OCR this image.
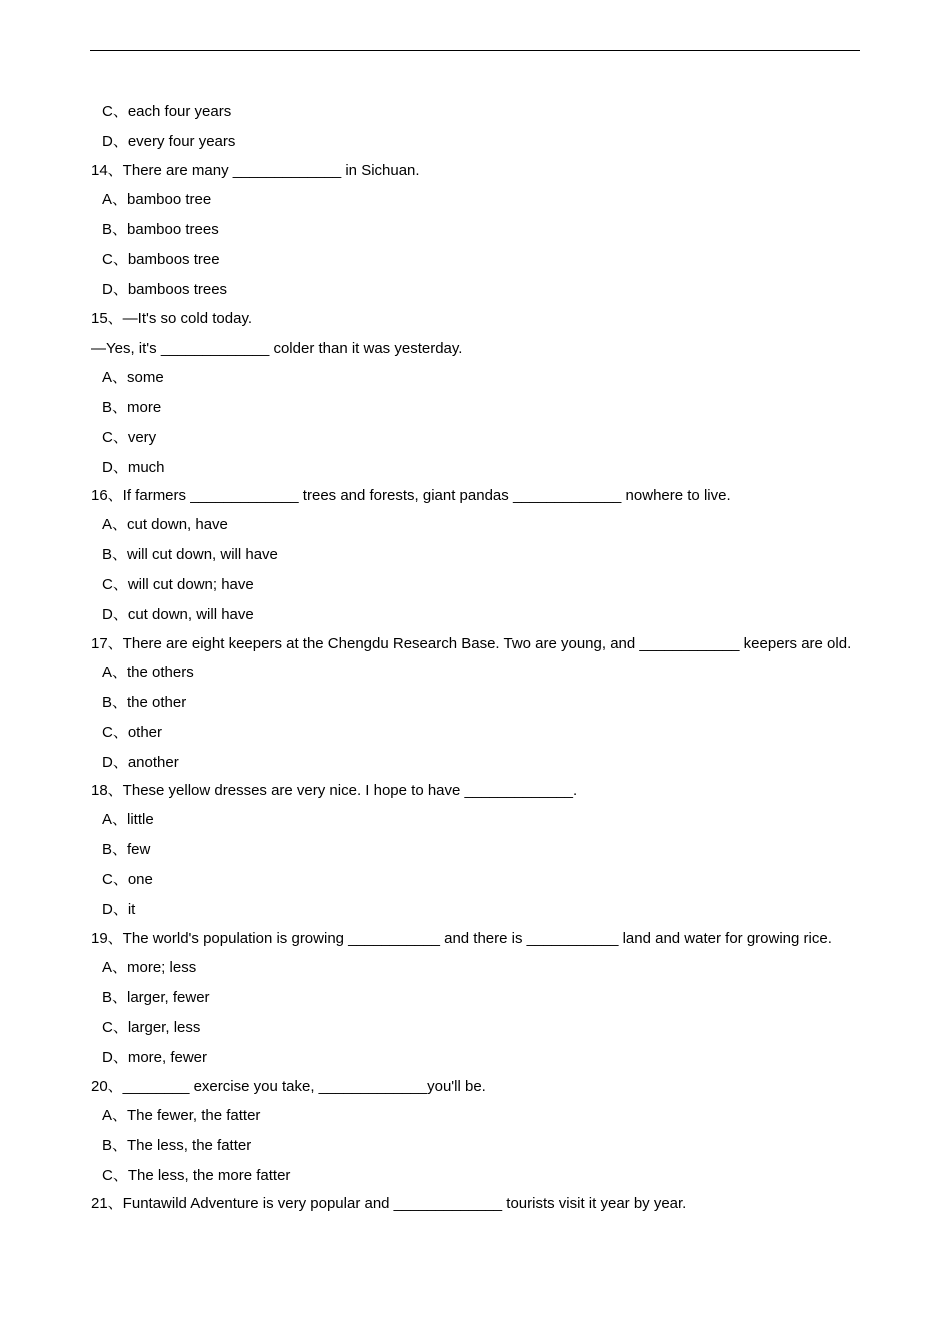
C、each four years
D、every four years
14、There are many _____________ in Sichuan.
A、bamboo tree
B、bamboo trees
C、bamboos tree
D、bamboos trees
15、—It's so cold today.
—Yes, it's _____________ colder than it was yesterday.
A、some
B、more
C、very
D、much
16、If farmers _____________ trees and forests, giant pandas _____________ nowhere to live.
A、cut down, have
B、will cut down, will have
C、will cut down; have
D、cut down, will have
17、There are eight keepers at the Chengdu Research Base. Two are young, and ____________ keepers are old.
A、the others
B、the other
C、other
D、another
18、These yellow dresses are very nice. I hope to have _____________.
A、little
B、few
C、one
D、it
19、The world's population is growing ___________ and there is ___________ land and water for growing rice.
A、more; less
B、larger, fewer
C、larger, less
D、more, fewer
20、________ exercise you take, _____________you'll be.
A、The fewer, the fatter
B、The less, the fatter
C、The less, the more fatter
21、Funtawild Adventure is very popular and _____________ tourists visit it year by year.
